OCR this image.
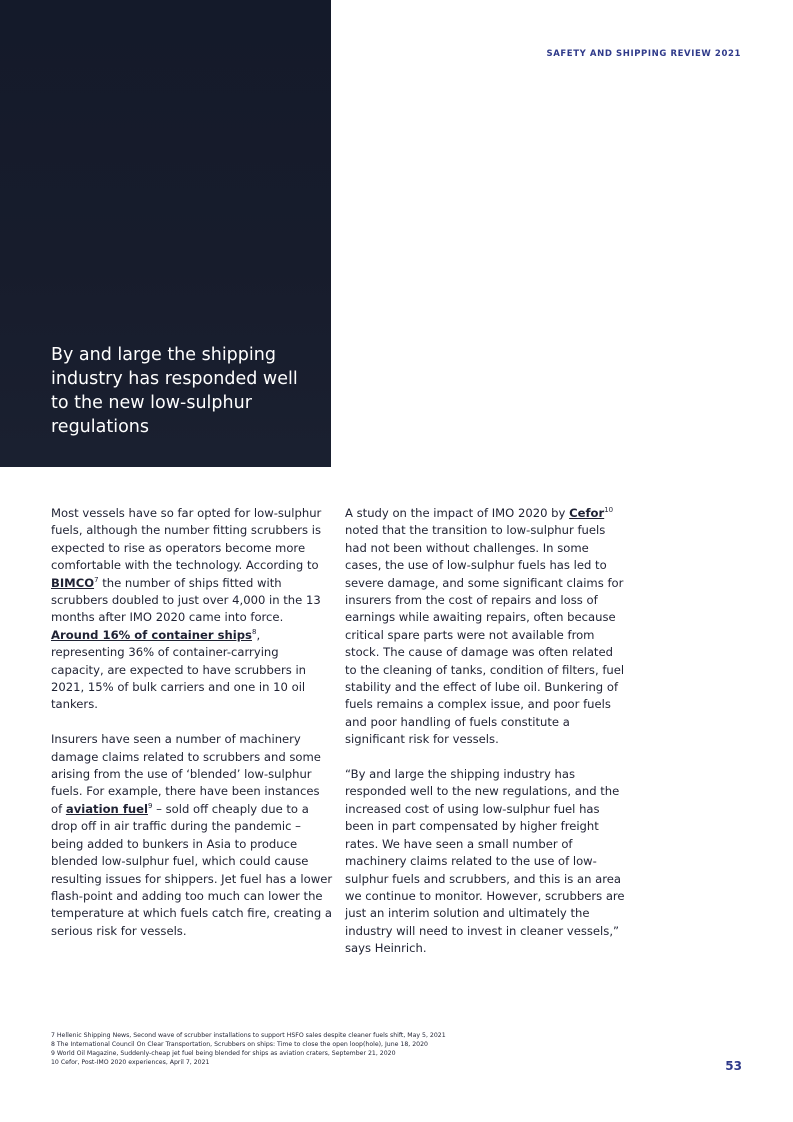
By and large the shipping industry has responded well to the new low-sulphur regulations
SAFETY AND SHIPPING REVIEW 2021

Most vessels have so far opted for low-sulphur fuels, although the number fitting scrubbers is expected to rise as operators become more comfortable with the technology. According to BIMCO$^7$ the number of ships fitted with scrubbers doubled to just over 4,000 in the 13 months after IMO 2020 came into force. Around 16% of container ships$^8$, representing 36% of container-carrying capacity, are expected to have scrubbers in 2021, 15% of bulk carriers and one in 10 oil tankers.

Insurers have seen a number of machinery damage claims related to scrubbers and some arising from the use of ‘blended’ low-sulphur fuels. For example, there have been instances of aviation fuel$^9$ – sold off cheaply due to a drop off in air traffic during the pandemic – being added to bunkers in Asia to produce blended low-sulphur fuel, which could cause resulting issues for shippers. Jet fuel has a lower flash-point and adding too much can lower the temperature at which fuels catch fire, creating a serious risk for vessels.

A study on the impact of IMO 2020 by Cefor$^{10}$ noted that the transition to low-sulphur fuels had not been without challenges. In some cases, the use of low-sulphur fuels has led to severe damage, and some significant claims for insurers from the cost of repairs and loss of earnings while awaiting repairs, often because critical spare parts were not available from stock. The cause of damage was often related to the cleaning of tanks, condition of filters, fuel stability and the effect of lube oil. Bunkering of fuels remains a complex issue, and poor fuels and poor handling of fuels constitute a significant risk for vessels.

“By and large the shipping industry has responded well to the new regulations, and the increased cost of using low-sulphur fuel has been in part compensated by higher freight rates. We have seen a small number of machinery claims related to the use of low-sulphur fuels and scrubbers, and this is an area we continue to monitor. However, scrubbers are just an interim solution and ultimately the industry will need to invest in cleaner vessels,” says Heinrich.

7 Hellenic Shipping News, Second wave of scrubber installations to support HSFO sales despite cleaner fuels shift, May 5, 2021
8 The International Council On Clear Transportation, Scrubbers on ships: Time to close the open loop(hole), June 18, 2020
9 World Oil Magazine, Suddenly-cheap jet fuel being blended for ships as aviation craters, September 21, 2020
10 Cefor, Post-IMO 2020 experiences, April 7, 2021	53
